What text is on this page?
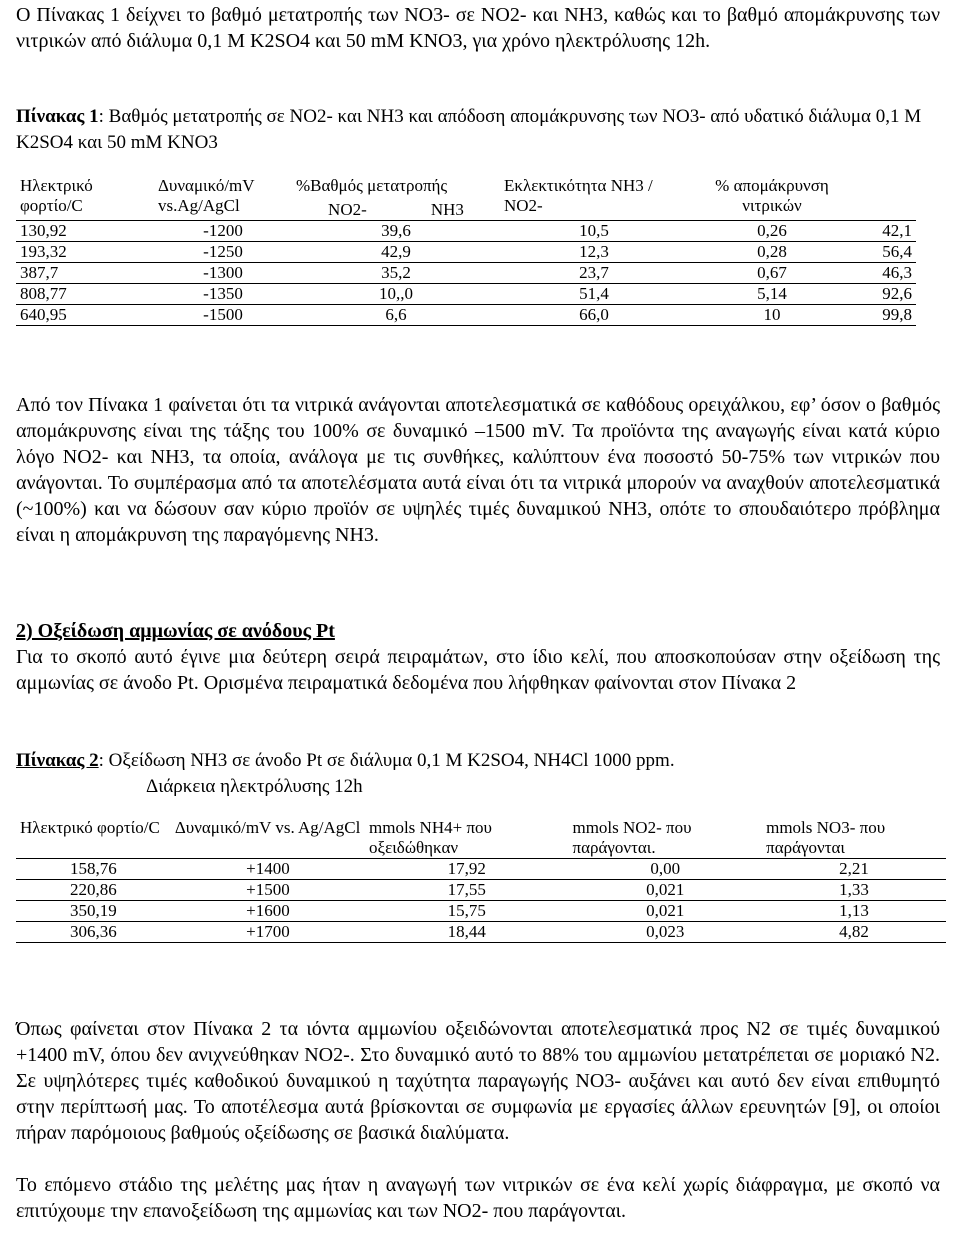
Ο Πίνακας 1 δείχνει το βαθμό μετατροπής των NO3- σε NO2- και NH3, καθώς και το βαθμό απομάκρυνσης των νιτρικών από διάλυμα 0,1 Μ K2SO4 και 50 mM KNO3, για χρόνο ηλεκτρόλυσης 12h.
Πίνακας 1: Βαθμός μετατροπής σε NO2- και NH3 και απόδοση απομάκρυνσης των NO3- από υδατικό διάλυμα 0,1 M K2SO4 και 50 mM KNO3
Ηλεκτρικό φορτίο/C	Δυναμικό/mV vs.Ag/AgCl	%Βαθμός μετατροπής
NO2- NH3	Εκλεκτικότητα NH3 / NO2-	% απομάκρυνση νιτρικών	
130,92	-1200	39,6	10,5	0,26	42,1
193,32	-1250	42,9	12,3	0,28	56,4
387,7	-1300	35,2	23,7	0,67	46,3
808,77	-1350	10,,0	51,4	5,14	92,6
640,95	-1500	6,6	66,0	10	99,8
Από τον Πίνακα 1 φαίνεται ότι τα νιτρικά ανάγονται αποτελεσματικά σε καθόδους ορειχάλκου, εφ’ όσον ο βαθμός απομάκρυνσης είναι της τάξης του 100% σε δυναμικό –1500 mV. Τα προϊόντα της αναγωγής είναι κατά κύριο λόγο NO2- και NH3, τα οποία, ανάλογα με τις συνθήκες, καλύπτουν ένα ποσοστό 50-75% των νιτρικών που ανάγονται. Το συμπέρασμα από τα αποτελέσματα αυτά είναι ότι τα νιτρικά μπορούν να αναχθούν αποτελεσματικά (~100%) και να δώσουν σαν κύριο προϊόν σε υψηλές τιμές δυναμικού NH3, οπότε το σπουδαιότερο πρόβλημα είναι η απομάκρυνση της παραγόμενης NH3.
2) Οξείδωση αμμωνίας σε ανόδους Pt
Για το σκοπό αυτό έγινε μια δεύτερη σειρά πειραμάτων, στο ίδιο κελί, που αποσκοπούσαν στην οξείδωση της αμμωνίας σε άνοδο Pt. Ορισμένα πειραματικά δεδομένα που λήφθηκαν φαίνονται στον Πίνακα 2
Πίνακας 2: Οξείδωση NH3 σε άνοδο Pt σε διάλυμα 0,1 M K2SO4, NH4Cl 1000 ppm.
Διάρκεια ηλεκτρόλυσης 12h
Ηλεκτρικό φορτίο/C	Δυναμικό/mV vs. Ag/AgCl	mmols NH4+ που οξειδώθηκαν	mmols NO2- που παράγονται.	mmols NO3- που παράγονται
158,76	+1400	17,92	0,00	2,21
220,86	+1500	17,55	0,021	1,33
350,19	+1600	15,75	0,021	1,13
306,36	+1700	18,44	0,023	4,82
Όπως φαίνεται στον Πίνακα 2 τα ιόντα αμμωνίου οξειδώνονται αποτελεσματικά προς N2 σε τιμές δυναμικού +1400 mV, όπου δεν ανιχνεύθηκαν NO2-. Στο δυναμικό αυτό το 88% του αμμωνίου μετατρέπεται σε μοριακό N2. Σε υψηλότερες τιμές καθοδικού δυναμικού η ταχύτητα παραγωγής NO3- αυξάνει και αυτό δεν είναι επιθυμητό στην περίπτωσή μας. Το αποτέλεσμα αυτά βρίσκονται σε συμφωνία με εργασίες άλλων ερευνητών [9], οι οποίοι πήραν παρόμοιους βαθμούς οξείδωσης σε βασικά διαλύματα.
Το επόμενο στάδιο της μελέτης μας ήταν η αναγωγή των νιτρικών σε ένα κελί χωρίς διάφραγμα, με σκοπό να επιτύχουμε την επανοξείδωση της αμμωνίας και των NO2- που παράγονται.
